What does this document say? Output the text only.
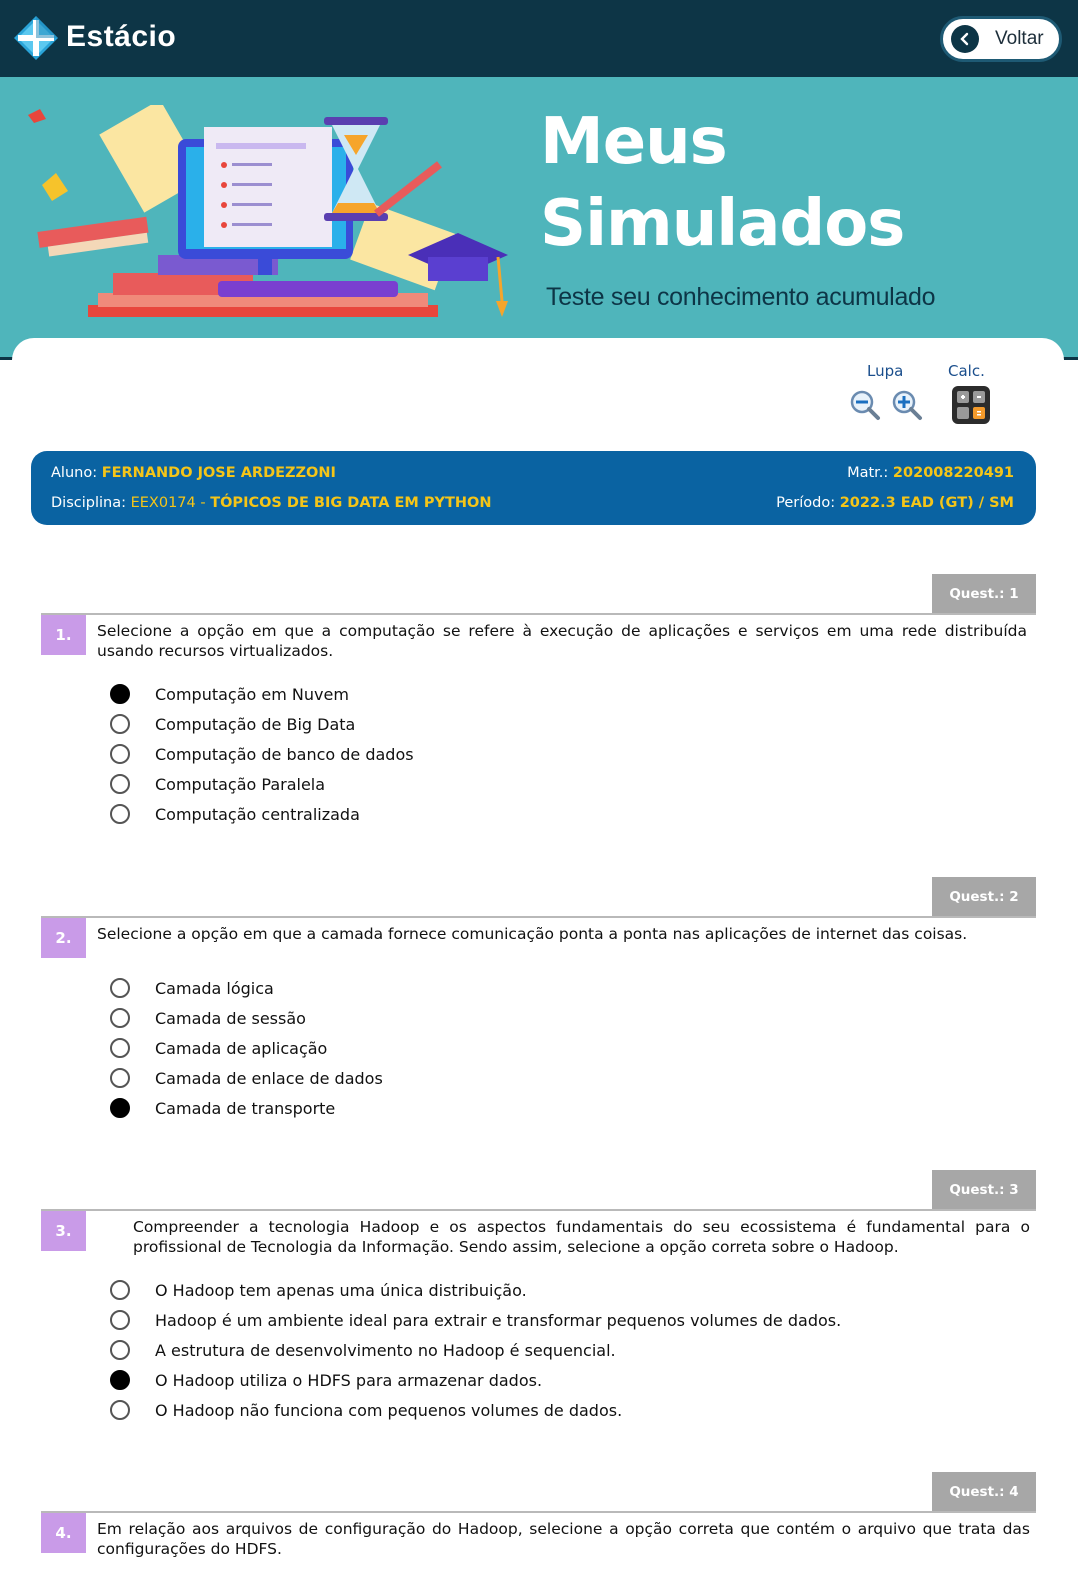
Estácio	Voltar
Meus
Simulados
Teste seu conhecimento acumulado
Lupa	Calc.
Aluno:
FERNANDO JOSE ARDEZZONI	Matr.:
202008220491
Disciplina:
EEX0174 - TÓPICOS DE BIG DATA EM PYTHON	Período:
2022.3 EAD (GT) / SM
Quest.: 1
1.	Selecione a opção em que a computação se refere à execução de aplicações e serviços em uma rede distribuída usando recursos virtualizados.
Computação em Nuvem
Computação de Big Data
Computação de banco de dados
Computação Paralela
Computação centralizada
Quest.: 2
2.	Selecione a opção em que a camada fornece comunicação ponta a ponta nas aplicações de internet das coisas.
Camada lógica
Camada de sessão
Camada de aplicação
Camada de enlace de dados
Camada de transporte
Quest.: 3
3.	Compreender a tecnologia Hadoop e os aspectos fundamentais do seu ecossistema é fundamental para o profissional de Tecnologia da Informação. Sendo assim, selecione a opção correta sobre o Hadoop.
O Hadoop tem apenas uma única distribuição.
Hadoop é um ambiente ideal para extrair e transformar pequenos volumes de dados.
A estrutura de desenvolvimento no Hadoop é sequencial.
O Hadoop utiliza o HDFS para armazenar dados.
O Hadoop não funciona com pequenos volumes de dados.
Quest.: 4
4.	Em relação aos arquivos de configuração do Hadoop, selecione a opção correta que contém o arquivo que trata das configurações do HDFS.
